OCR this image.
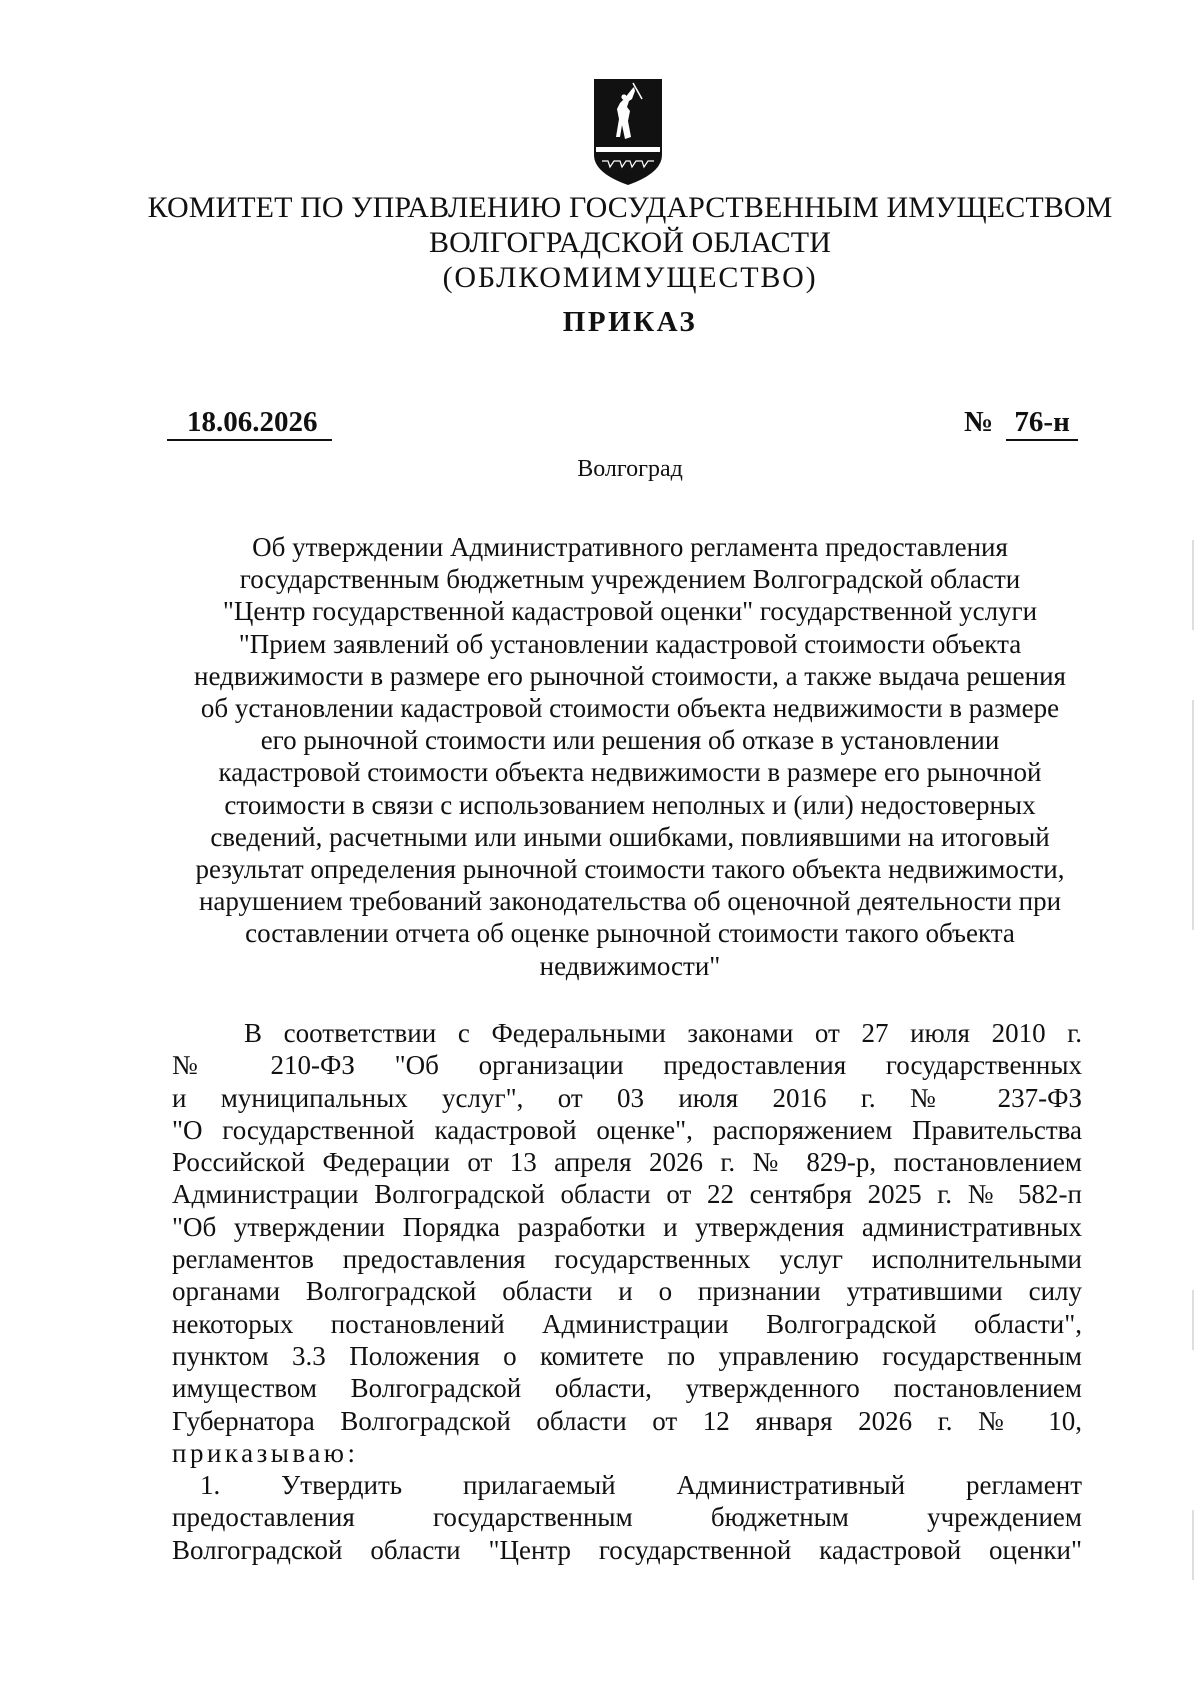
КОМИТЕТ ПО УПРАВЛЕНИЮ ГОСУДАРСТВЕННЫМ ИМУЩЕСТВОМ
ВОЛГОГРАДСКОЙ ОБЛАСТИ
(ОБЛКОМИМУЩЕСТВО)
ПРИКАЗ
18.06.2026	№ 76-н
Волгоград
Об утверждении Административного регламента предоставления
государственным бюджетным учреждением Волгоградской области
"Центр государственной кадастровой оценки" государственной услуги
"Прием заявлений об установлении кадастровой стоимости объекта
недвижимости в размере его рыночной стоимости, а также выдача решения
об установлении кадастровой стоимости объекта недвижимости в размере
его рыночной стоимости или решения об отказе в установлении
кадастровой стоимости объекта недвижимости в размере его рыночной
стоимости в связи с использованием неполных и (или) недостоверных
сведений, расчетными или иными ошибками, повлиявшими на итоговый
результат определения рыночной стоимости такого объекта недвижимости,
нарушением требований законодательства об оценочной деятельности при
составлении отчета об оценке рыночной стоимости такого объекта
недвижимости"
В соответствии с Федеральными законами от 27 июля 2010 г.
№ 210-ФЗ "Об организации предоставления государственных
и муниципальных услуг", от 03 июля 2016 г. № 237-ФЗ
"О государственной кадастровой оценке", распоряжением Правительства
Российской Федерации от 13 апреля 2026 г. № 829-р, постановлением
Администрации Волгоградской области от 22 сентября 2025 г. № 582-п
"Об утверждении Порядка разработки и утверждения административных
регламентов предоставления государственных услуг исполнительными
органами Волгоградской области и о признании утратившими силу
некоторых постановлений Администрации Волгоградской области",
пунктом 3.3 Положения о комитете по управлению государственным
имуществом Волгоградской области, утвержденного постановлением
Губернатора Волгоградской области от 12 января 2026 г. № 10,
приказываю:
1. Утвердить прилагаемый Административный регламент
предоставления государственным бюджетным учреждением
Волгоградской области "Центр государственной кадастровой оценки"
